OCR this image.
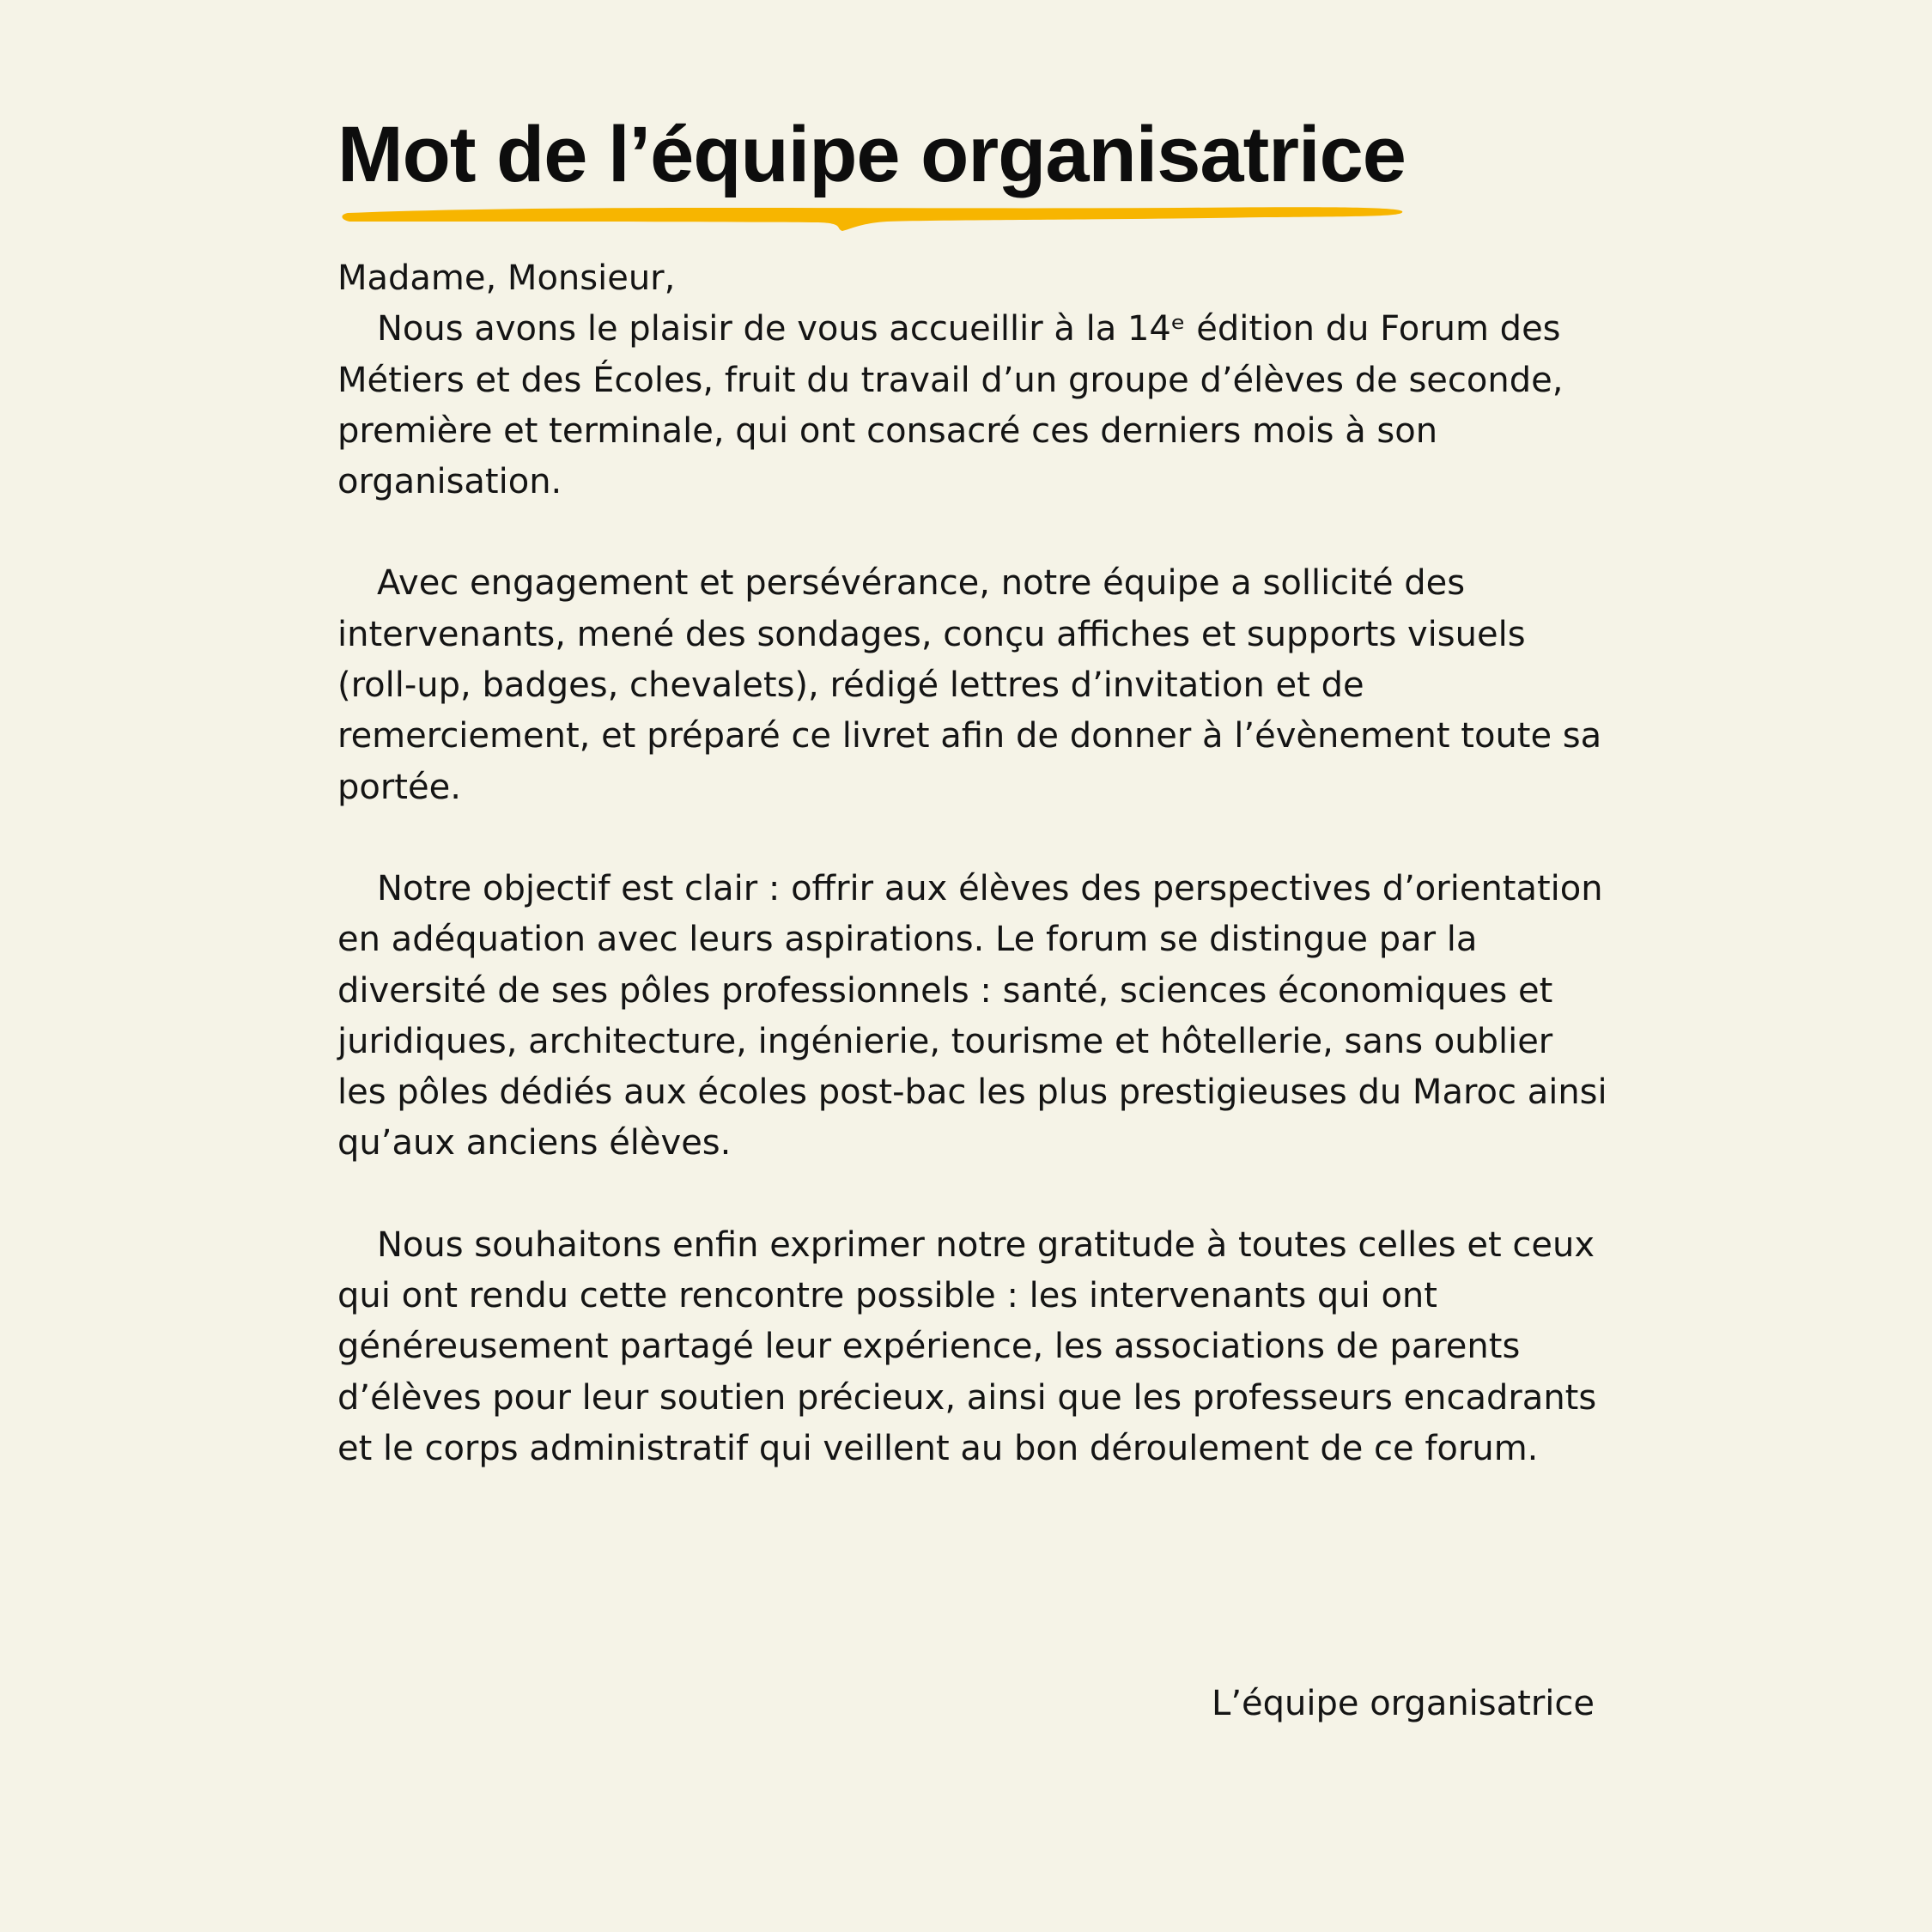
Mot de l’équipe organisatrice

Madame, Monsieur,

Nous avons le plaisir de vous accueillir à la 14ᵉ édition du Forum des Métiers et des Écoles, fruit du travail d’un groupe d’élèves de seconde, première et terminale, qui ont consacré ces derniers mois à son organisation.

Avec engagement et persévérance, notre équipe a sollicité des intervenants, mené des sondages, conçu affiches et supports visuels (roll-up, badges, chevalets), rédigé lettres d’invitation et de remerciement, et préparé ce livret afin de donner à l’évènement toute sa portée.

Notre objectif est clair : offrir aux élèves des perspectives d’orientation en adéquation avec leurs aspirations. Le forum se distingue par la diversité de ses pôles professionnels : santé, sciences économiques et juridiques, architecture, ingénierie, tourisme et hôtellerie, sans oublier les pôles dédiés aux écoles post-bac les plus prestigieuses du Maroc ainsi qu’aux anciens élèves.

Nous souhaitons enfin exprimer notre gratitude à toutes celles et ceux qui ont rendu cette rencontre possible : les intervenants qui ont généreusement partagé leur expérience, les associations de parents d’élèves pour leur soutien précieux, ainsi que les professeurs encadrants et le corps administratif qui veillent au bon déroulement de ce forum.

L’équipe organisatrice
